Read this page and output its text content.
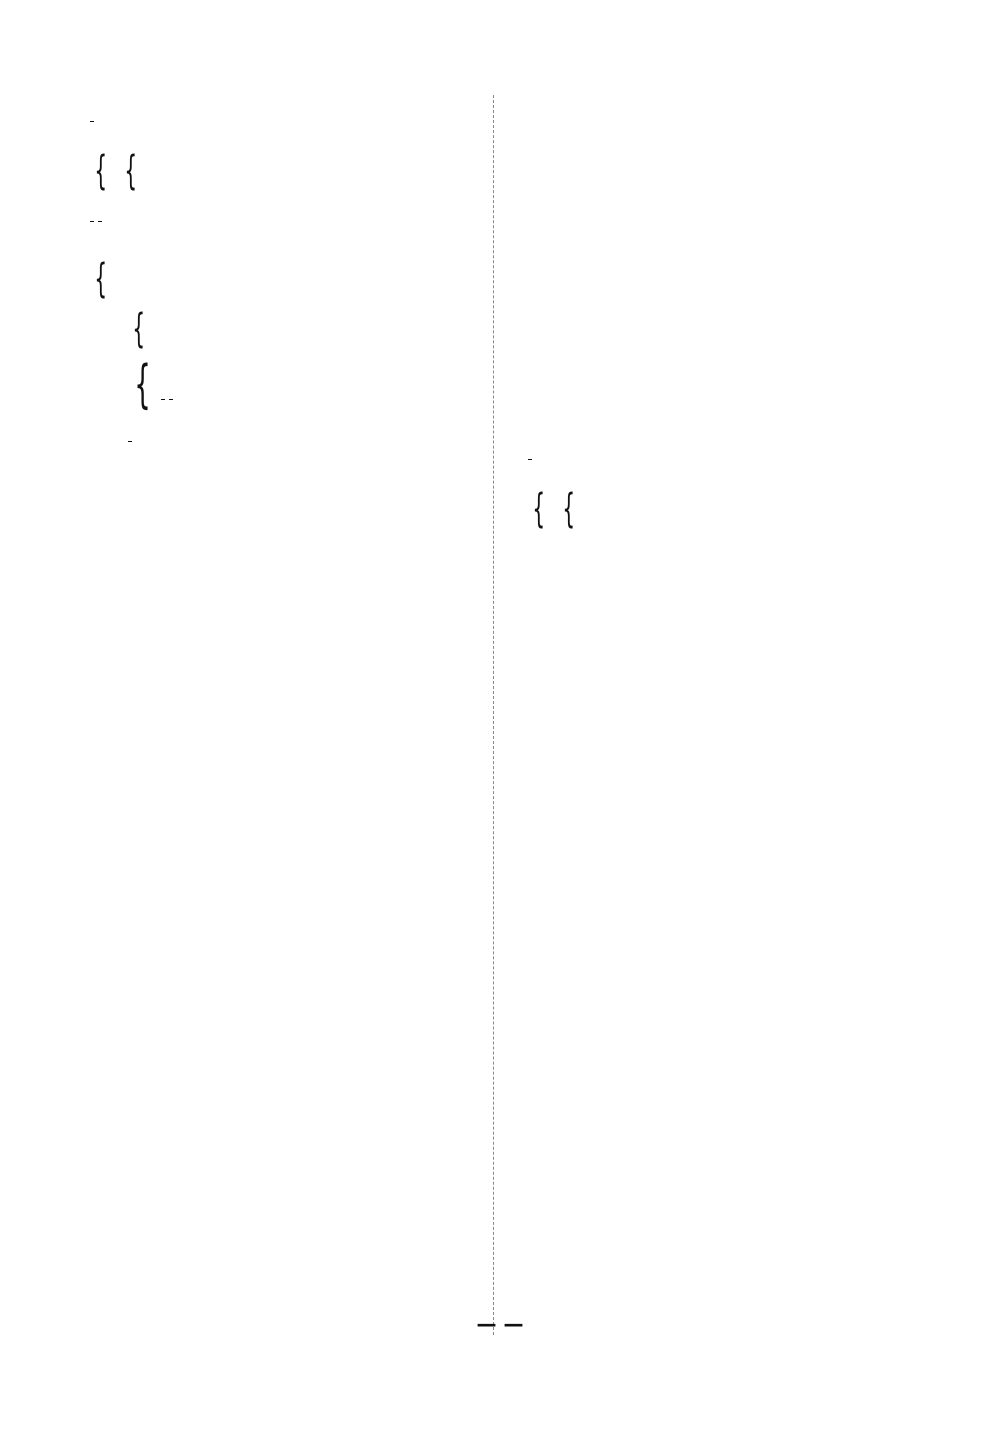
{

{

{

{

{

{

{

— —
